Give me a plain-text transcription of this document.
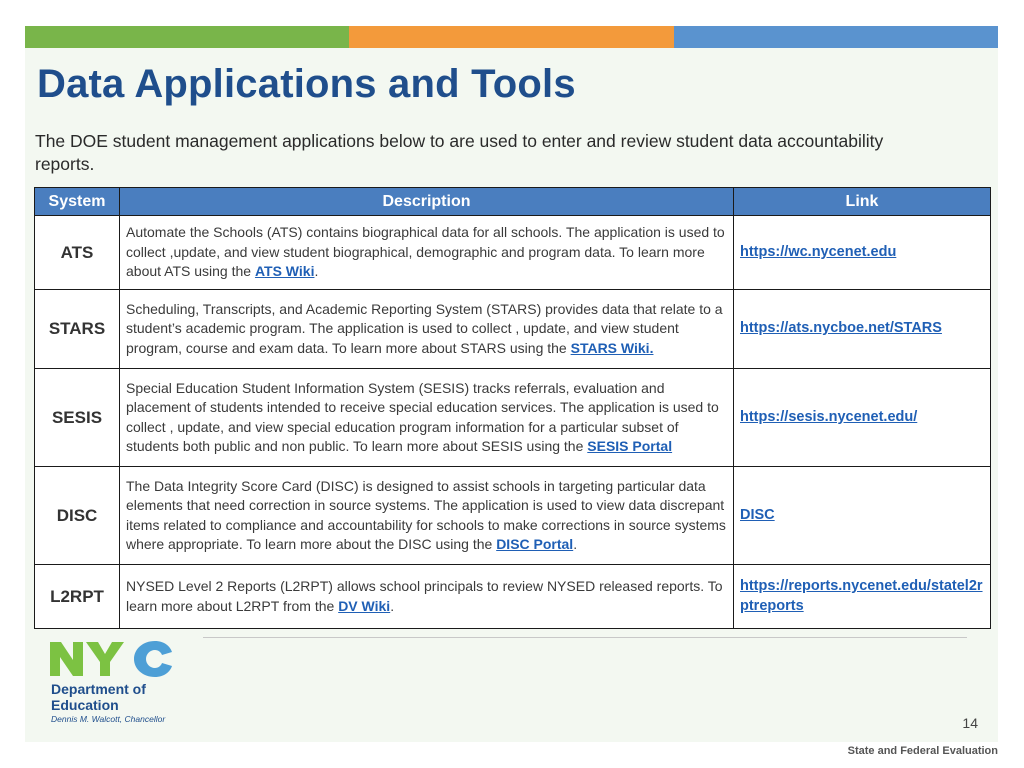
Data Applications and Tools

The DOE student management applications below to are used to enter and review student data accountability reports.

System	Description	Link
ATS	Automate the Schools (ATS) contains biographical data for all schools. The application is used to collect ,update, and view student biographical, demographic and program data. To learn more about ATS using the ATS Wiki.	https://wc.nycenet.edu
STARS	Scheduling, Transcripts, and Academic Reporting System (STARS) provides data that relate to a student’s academic program. The application is used to collect , update, and view student program, course and exam data. To learn more about STARS using the STARS Wiki.	https://ats.nycboe.net/STARS
SESIS	Special Education Student Information System (SESIS) tracks referrals, evaluation and placement of students intended to receive special education services. The application is used to collect , update, and view special education program information for a particular subset of students both public and non public. To learn more about SESIS using the SESIS Portal	https://sesis.nycenet.edu/
DISC	The Data Integrity Score Card (DISC) is designed to assist schools in targeting particular data elements that need correction in source systems. The application is used to view data discrepant items related to compliance and accountability for schools to make corrections in source systems where appropriate. To learn more about the DISC using the DISC Portal.	DISC
L2RPT	NYSED Level 2 Reports (L2RPT) allows school principals to review NYSED released reports. To learn more about L2RPT from the DV Wiki.	https://reports.nycenet.edu/statel2rptreports
Department of
Education
Dennis M. Walcott, Chancellor	14
State and Federal Evaluation
